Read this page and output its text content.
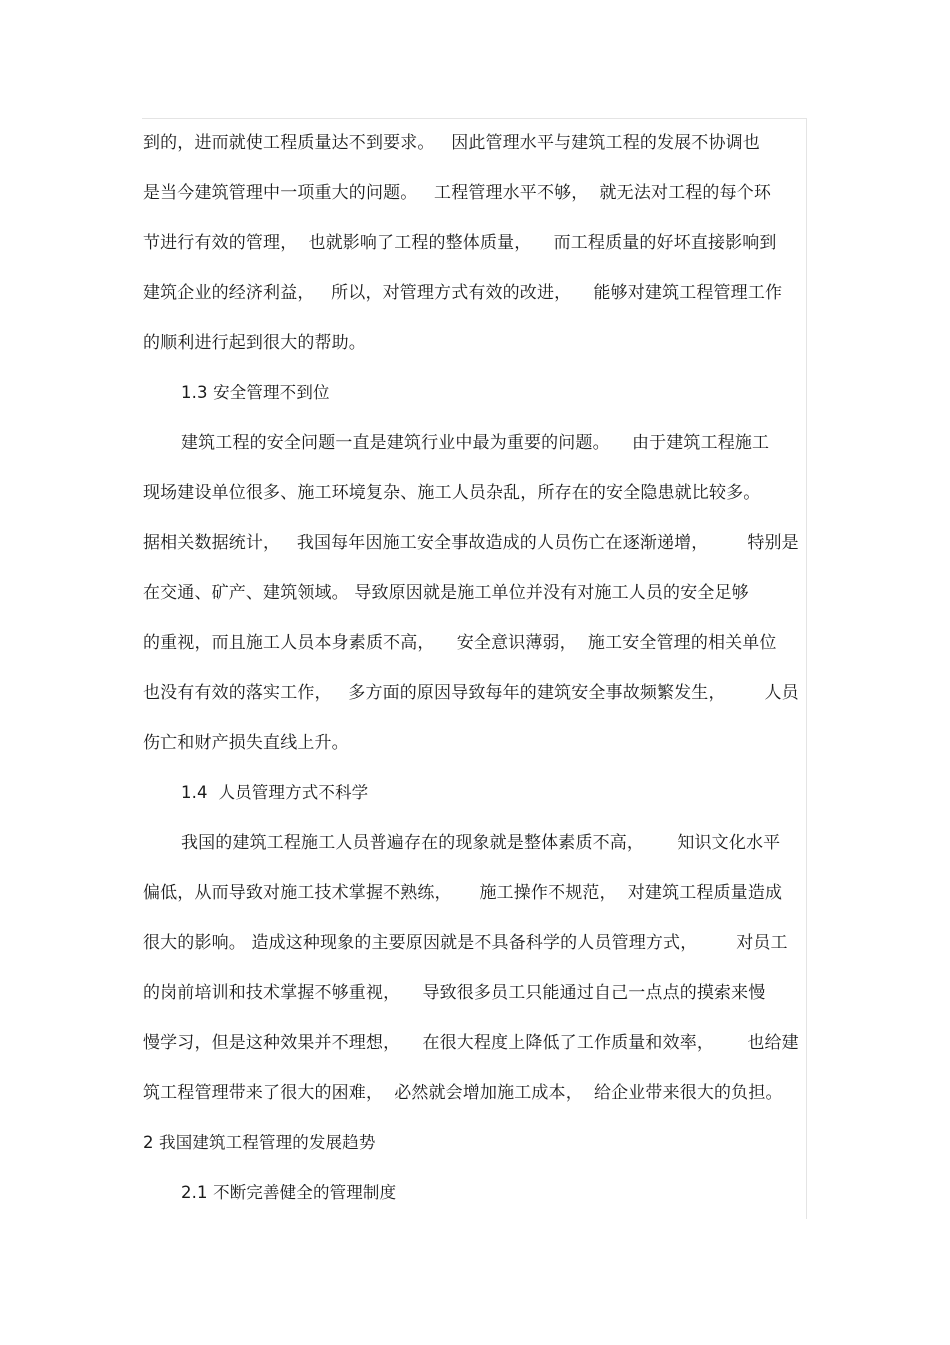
到的，进而就使工程质量达不到要求。   因此管理水平与建筑工程的发展不协调也
是当今建筑管理中一项重大的问题。   工程管理水平不够，  就无法对工程的每个环
节进行有效的管理，  也就影响了工程的整体质量，    而工程质量的好坏直接影响到
建筑企业的经济利益，   所以，对管理方式有效的改进，    能够对建筑工程管理工作
的顺利进行起到很大的帮助。
1.3 安全管理不到位
建筑工程的安全问题一直是建筑行业中最为重要的问题。    由于建筑工程施工
现场建设单位很多、施工环境复杂、施工人员杂乱，所存在的安全隐患就比较多。
据相关数据统计，   我国每年因施工安全事故造成的人员伤亡在逐渐递增，       特别是
在交通、矿产、建筑领域。 导致原因就是施工单位并没有对施工人员的安全足够
的重视，而且施工人员本身素质不高，    安全意识薄弱，  施工安全管理的相关单位
也没有有效的落实工作，   多方面的原因导致每年的建筑安全事故频繁发生，       人员
伤亡和财产损失直线上升。
1.4  人员管理方式不科学
我国的建筑工程施工人员普遍存在的现象就是整体素质不高，      知识文化水平
偏低，从而导致对施工技术掌握不熟练，     施工操作不规范，  对建筑工程质量造成
很大的影响。 造成这种现象的主要原因就是不具备科学的人员管理方式，       对员工
的岗前培训和技术掌握不够重视，    导致很多员工只能通过自己一点点的摸索来慢
慢学习，但是这种效果并不理想，    在很大程度上降低了工作质量和效率，      也给建
筑工程管理带来了很大的困难，  必然就会增加施工成本，  给企业带来很大的负担。
2 我国建筑工程管理的发展趋势
2.1 不断完善健全的管理制度
